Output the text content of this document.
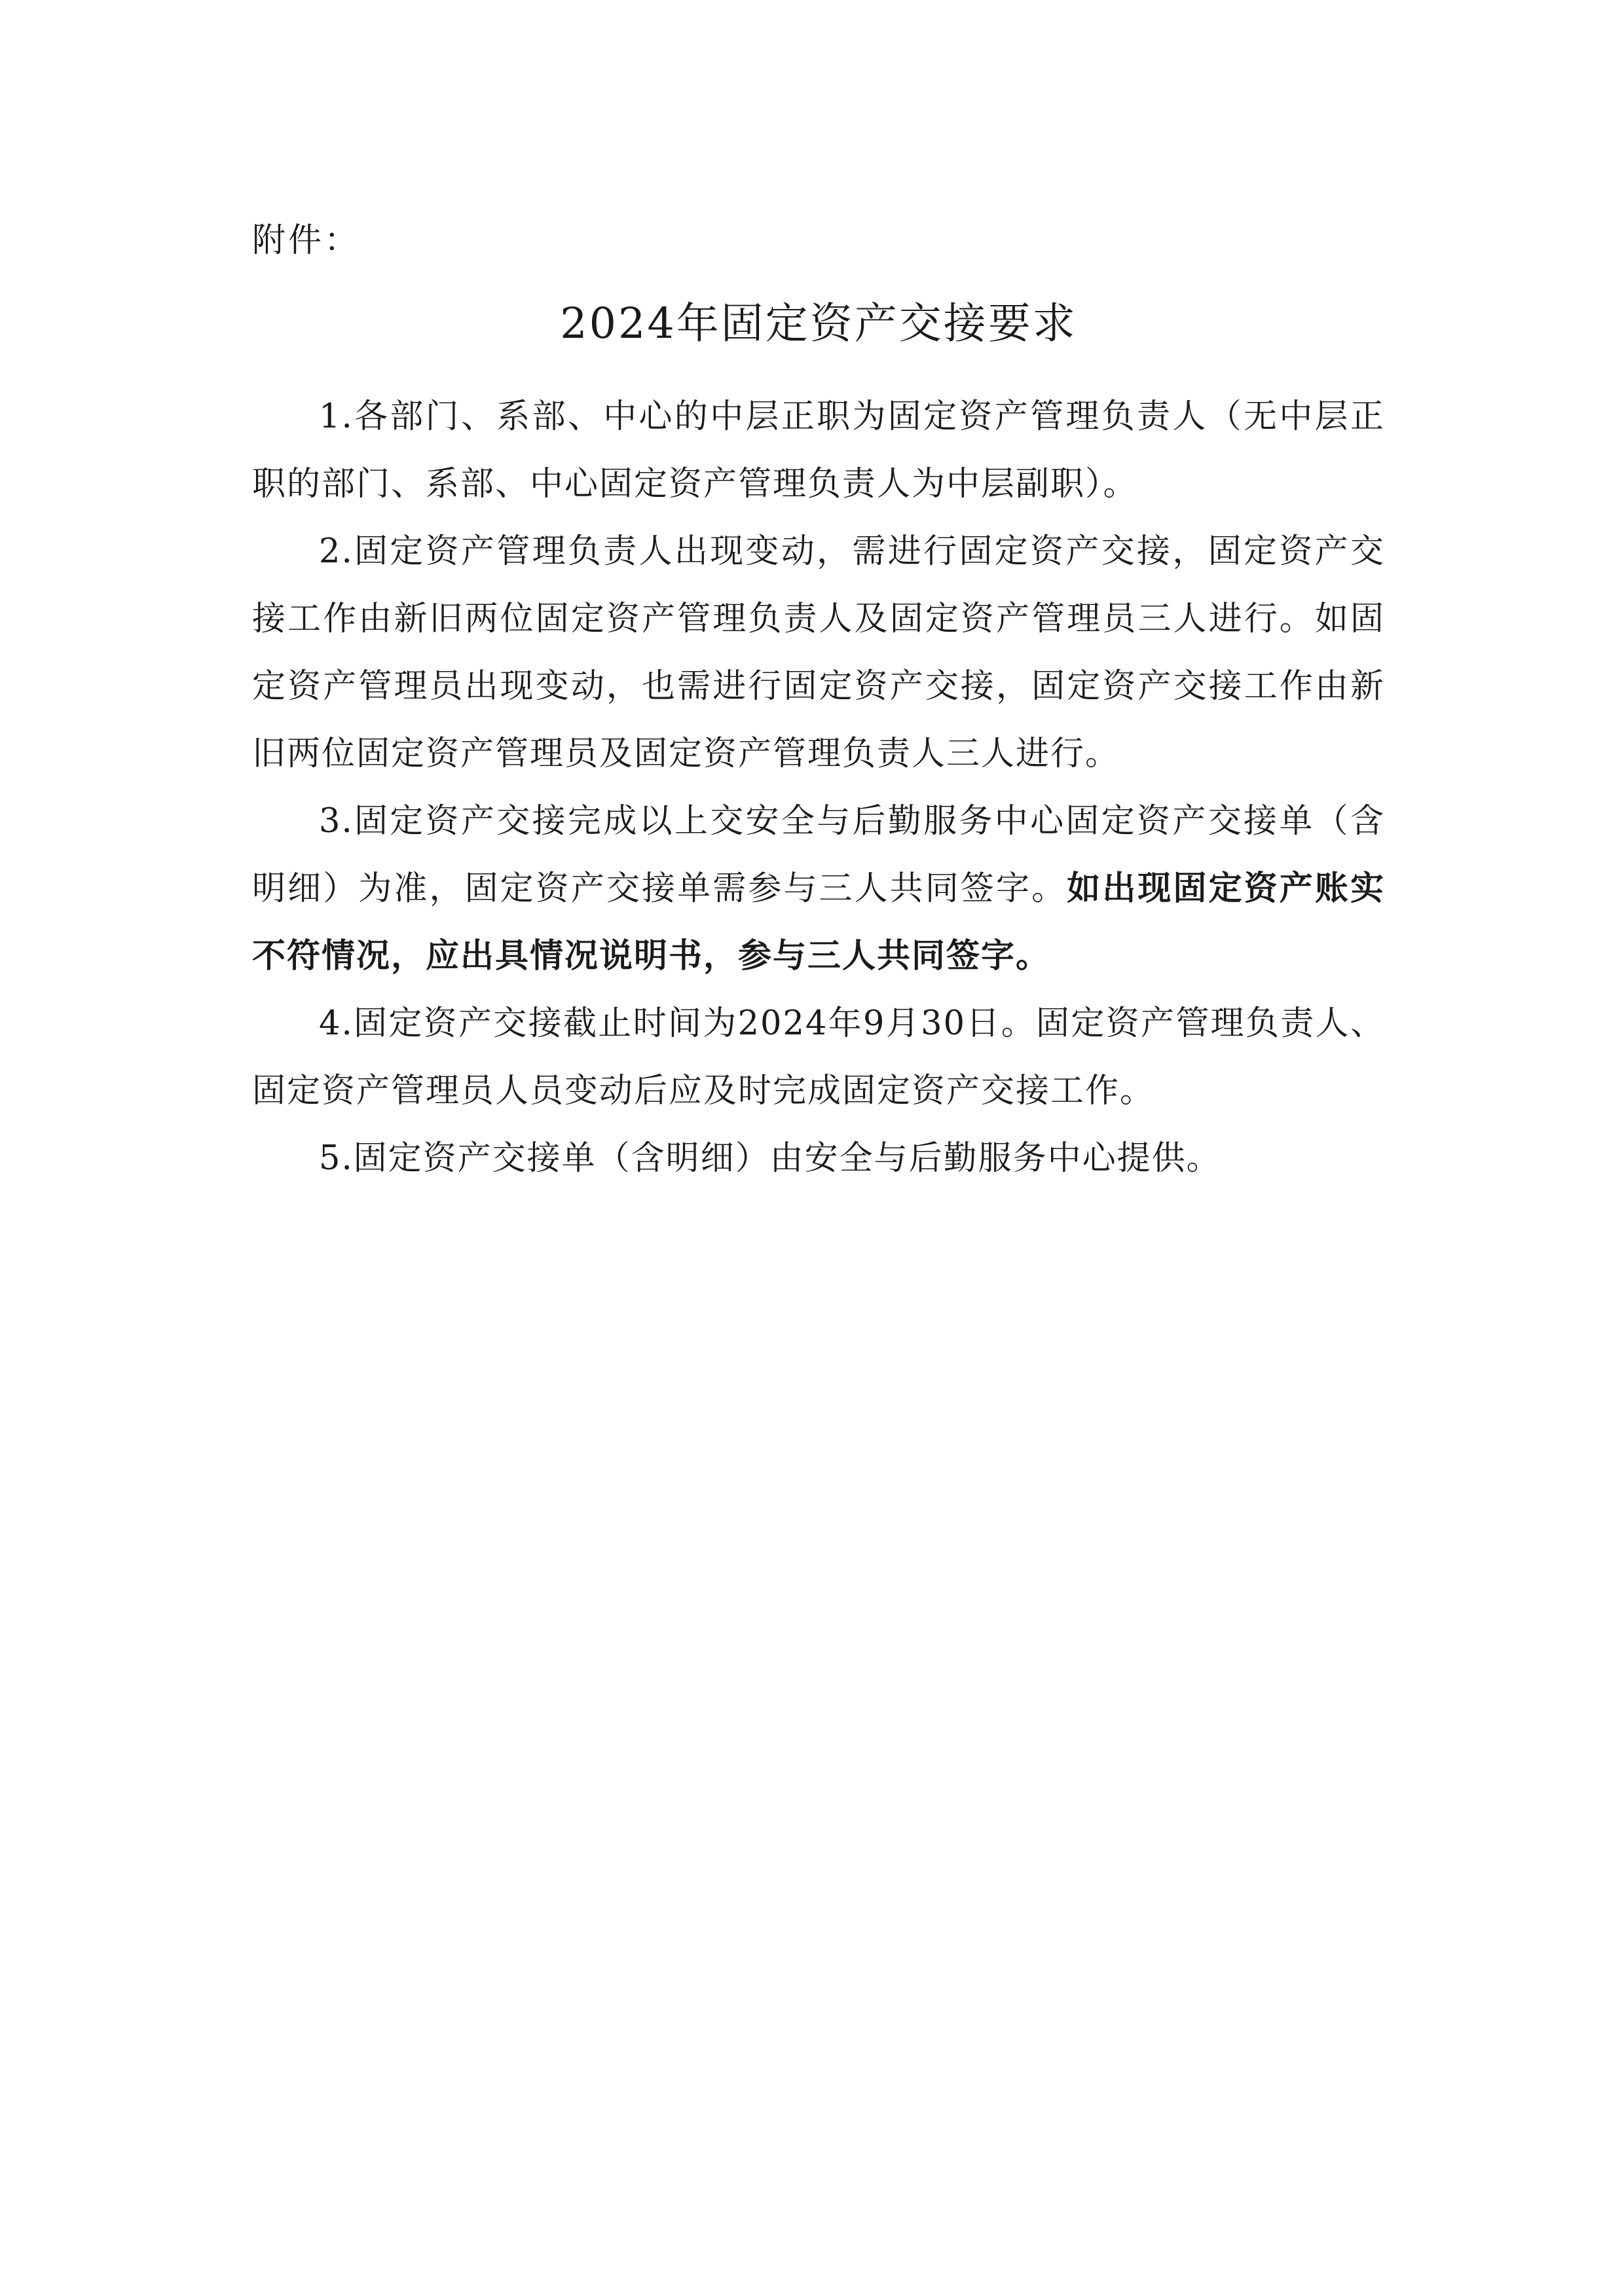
附件：
2024年固定资产交接要求

1.各部门、系部、中心的中层正职为固定资产管理负责人（无中层正职的部门、系部、中心固定资产管理负责人为中层副职）。

2.固定资产管理负责人出现变动，需进行固定资产交接，固定资产交接工作由新旧两位固定资产管理负责人及固定资产管理员三人进行。如固定资产管理员出现变动，也需进行固定资产交接，固定资产交接工作由新旧两位固定资产管理员及固定资产管理负责人三人进行。

3.固定资产交接完成以上交安全与后勤服务中心固定资产交接单（含明细）为准，固定资产交接单需参与三人共同签字。如出现固定资产账实不符情况，应出具情况说明书，参与三人共同签字。

4.固定资产交接截止时间为2024年9月30日。固定资产管理负责人、固定资产管理员人员变动后应及时完成固定资产交接工作。

5.固定资产交接单（含明细）由安全与后勤服务中心提供。
